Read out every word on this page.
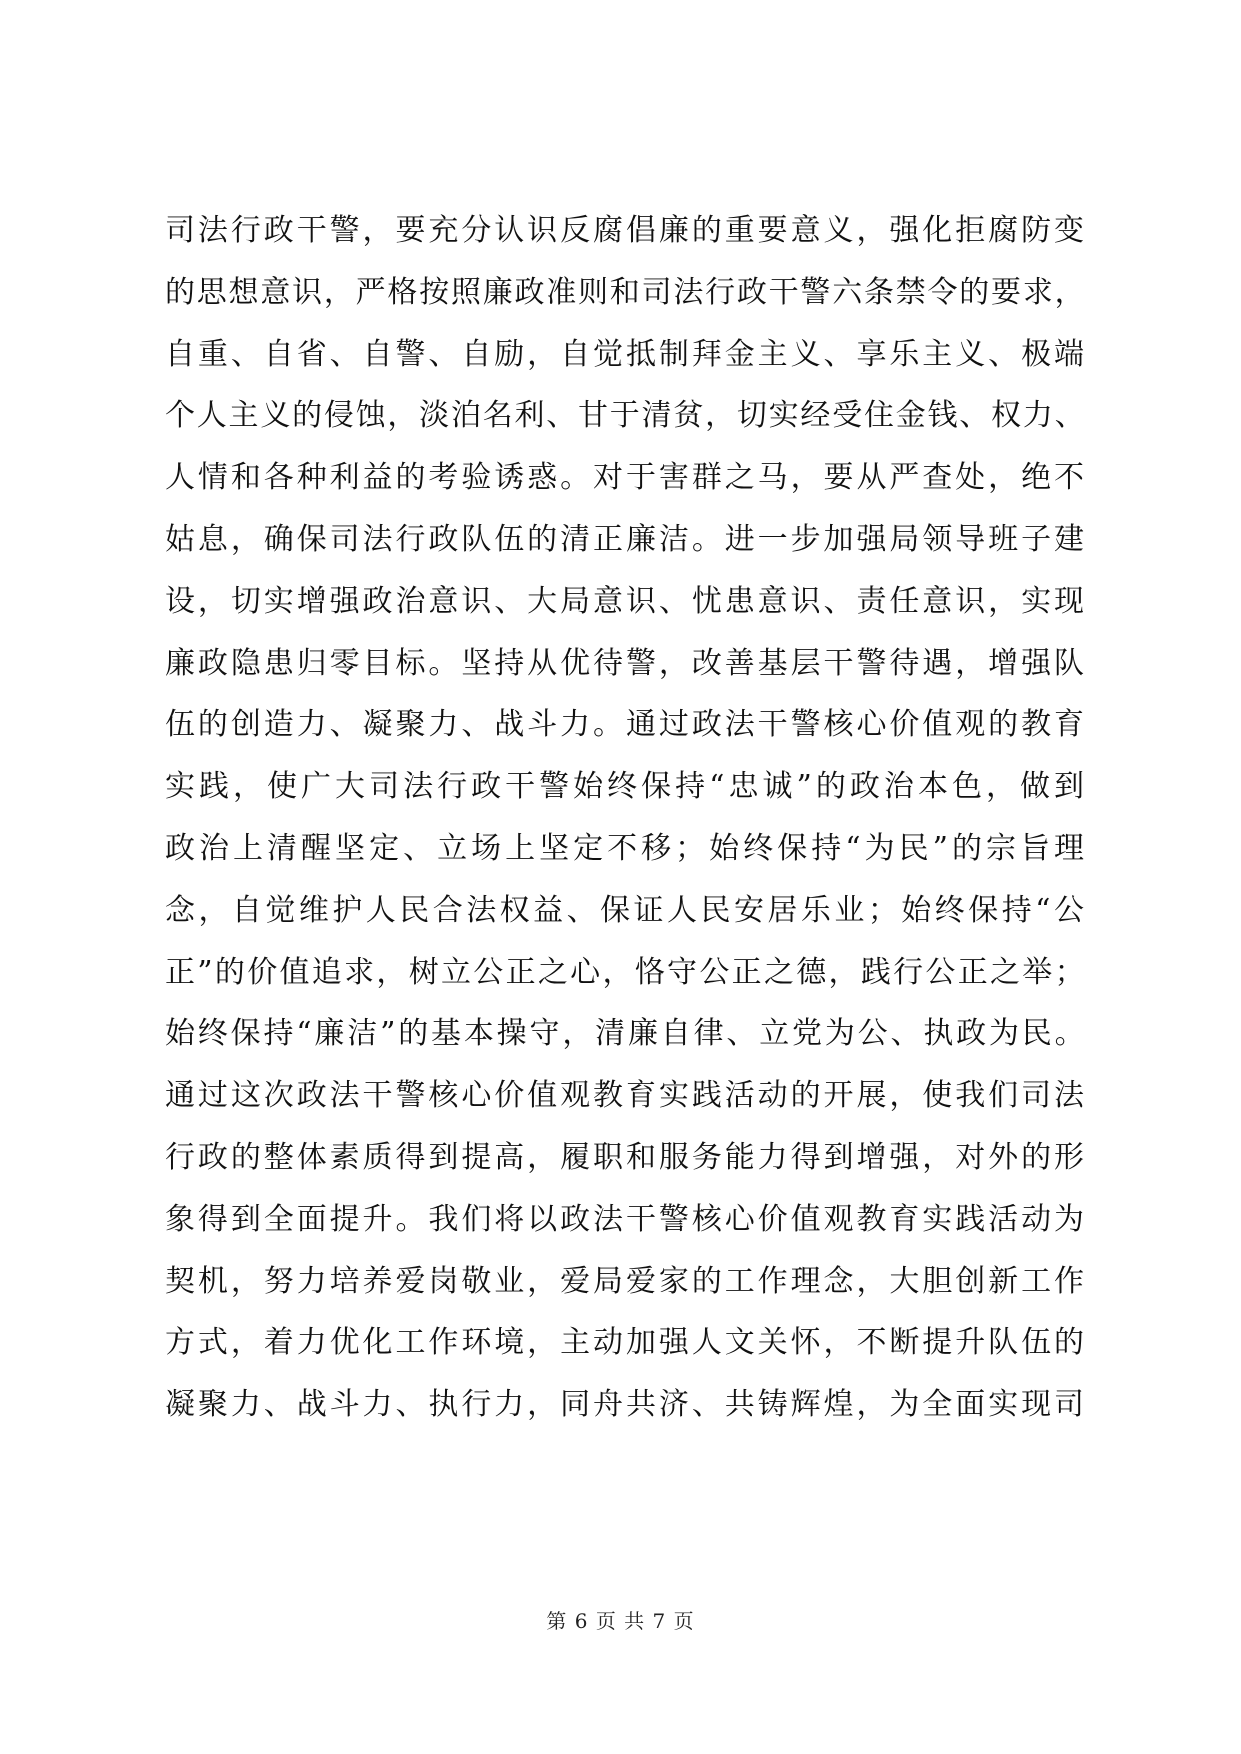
司法行政干警，要充分认识反腐倡廉的重要意义，强化拒腐防变
的思想意识，严格按照廉政准则和司法行政干警六条禁令的要求，
自重、自省、自警、自励，自觉抵制拜金主义、享乐主义、极端
个人主义的侵蚀，淡泊名利、甘于清贫，切实经受住金钱、权力、
人情和各种利益的考验诱惑。对于害群之马，要从严查处，绝不
姑息，确保司法行政队伍的清正廉洁。进一步加强局领导班子建
设，切实增强政治意识、大局意识、忧患意识、责任意识，实现
廉政隐患归零目标。坚持从优待警，改善基层干警待遇，增强队
伍的创造力、凝聚力、战斗力。通过政法干警核心价值观的教育
实践，使广大司法行政干警始终保持“忠诚”的政治本色，做到
政治上清醒坚定、立场上坚定不移；始终保持“为民”的宗旨理
念，自觉维护人民合法权益、保证人民安居乐业；始终保持“公
正”的价值追求，树立公正之心，恪守公正之德，践行公正之举；
始终保持“廉洁”的基本操守，清廉自律、立党为公、执政为民。
通过这次政法干警核心价值观教育实践活动的开展，使我们司法
行政的整体素质得到提高，履职和服务能力得到增强，对外的形
象得到全面提升。我们将以政法干警核心价值观教育实践活动为
契机，努力培养爱岗敬业，爱局爱家的工作理念，大胆创新工作
方式，着力优化工作环境，主动加强人文关怀，不断提升队伍的
凝聚力、战斗力、执行力，同舟共济、共铸辉煌，为全面实现司
第 6 页 共 7 页
